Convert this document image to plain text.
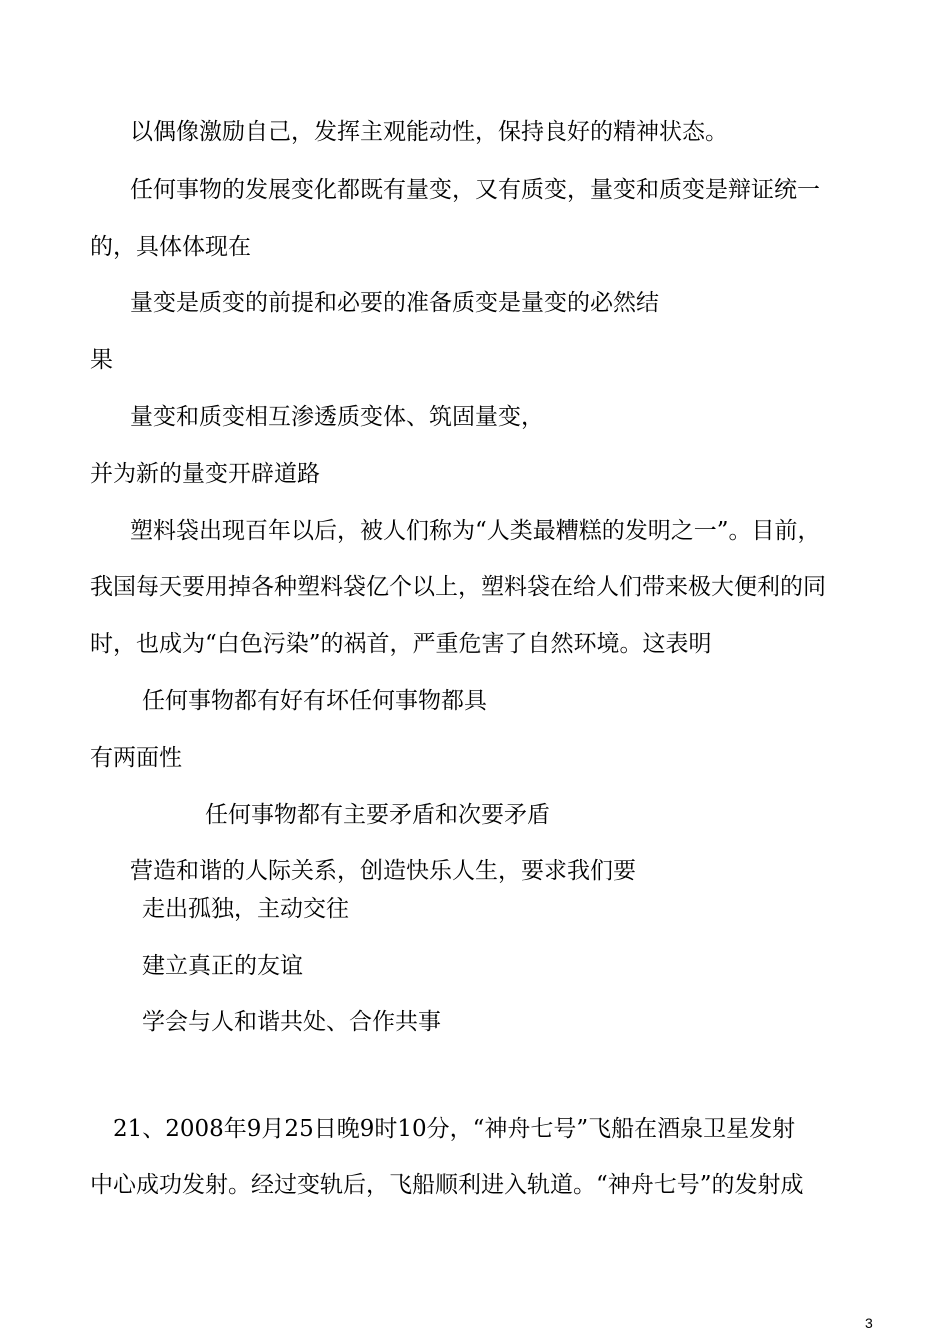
以偶像激励自己，发挥主观能动性，保持良好的精神状态。

任何事物的发展变化都既有量变，又有质变，量变和质变是辩证统一

的，具体体现在

量变是质变的前提和必要的准备质变是量变的必然结

果

量变和质变相互渗透质变体、筑固量变，

并为新的量变开辟道路

塑料袋出现百年以后，被人们称为“人类最糟糕的发明之一”。目前，

我国每天要用掉各种塑料袋亿个以上，塑料袋在给人们带来极大便利的同

时，也成为“白色污染”的祸首，严重危害了自然环境。这表明

任何事物都有好有坏任何事物都具

有两面性

任何事物都有主要矛盾和次要矛盾

营造和谐的人际关系，创造快乐人生，要求我们要

走出孤独，主动交往

建立真正的友谊

学会与人和谐共处、合作共事

21、2008年9月25日晚9时10分，“神舟七号”飞船在酒泉卫星发射

中心成功发射。经过变轨后，飞船顺利进入轨道。“神舟七号”的发射成

3
